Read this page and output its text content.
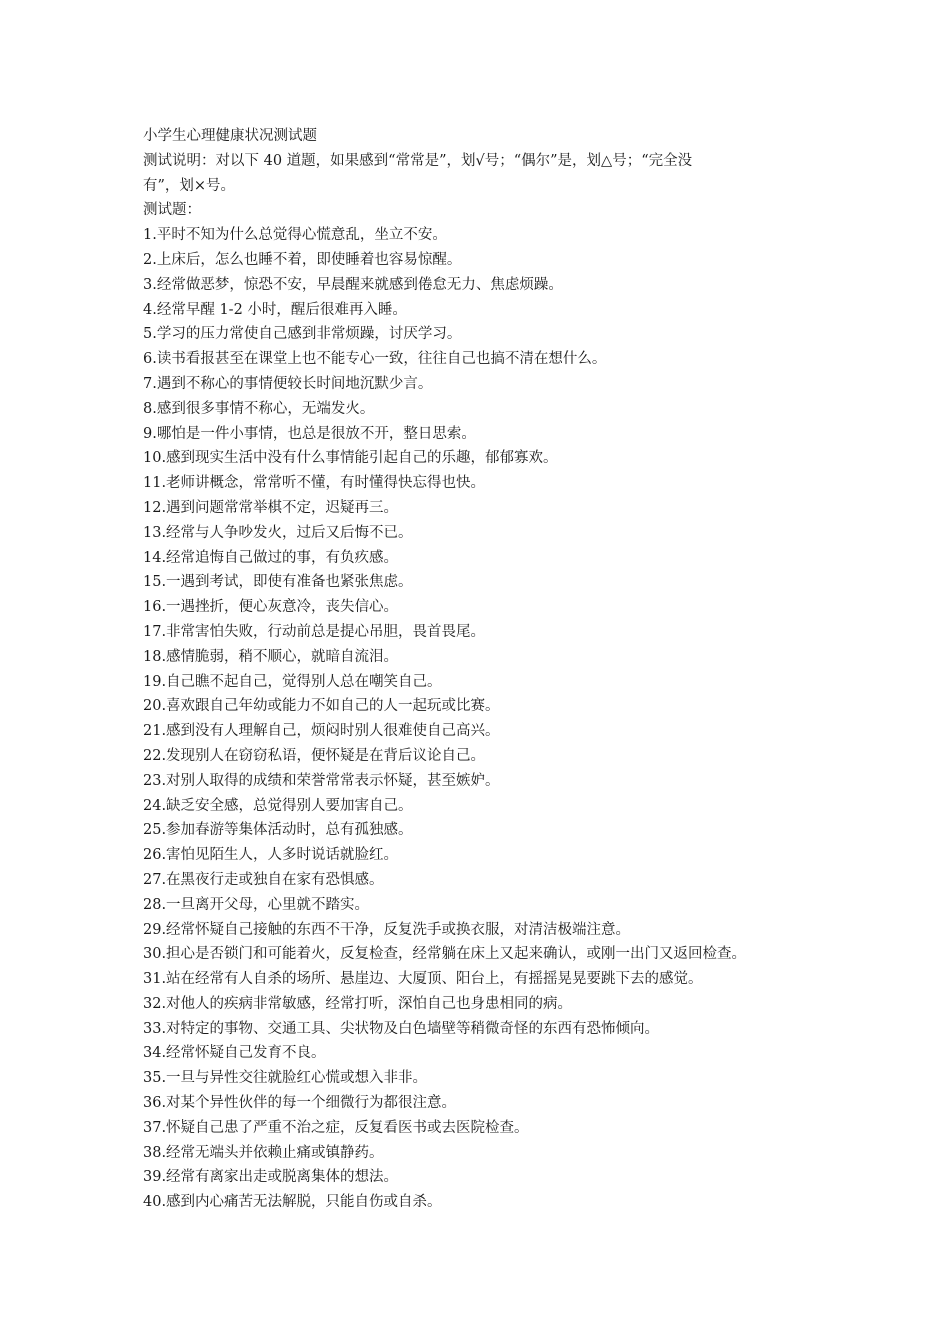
小学生心理健康状况测试题
测试说明：对以下 40 道题，如果感到“常常是”，划√号；“偶尔”是，划△号；“完全没
有”，划×号。
测试题：
1.平时不知为什么总觉得心慌意乱，坐立不安。
2.上床后，怎么也睡不着，即使睡着也容易惊醒。
3.经常做恶梦，惊恐不安，早晨醒来就感到倦怠无力、焦虑烦躁。
4.经常早醒 1-2 小时，醒后很难再入睡。
5.学习的压力常使自己感到非常烦躁，讨厌学习。
6.读书看报甚至在课堂上也不能专心一致，往往自己也搞不清在想什么。
7.遇到不称心的事情便较长时间地沉默少言。
8.感到很多事情不称心，无端发火。
9.哪怕是一件小事情，也总是很放不开，整日思索。
10.感到现实生活中没有什么事情能引起自己的乐趣，郁郁寡欢。
11.老师讲概念，常常听不懂，有时懂得快忘得也快。
12.遇到问题常常举棋不定，迟疑再三。
13.经常与人争吵发火，过后又后悔不已。
14.经常追悔自己做过的事，有负疚感。
15.一遇到考试，即使有准备也紧张焦虑。
16.一遇挫折，便心灰意冷，丧失信心。
17.非常害怕失败，行动前总是提心吊胆，畏首畏尾。
18.感情脆弱，稍不顺心，就暗自流泪。
19.自己瞧不起自己，觉得别人总在嘲笑自己。
20.喜欢跟自己年幼或能力不如自己的人一起玩或比赛。
21.感到没有人理解自己，烦闷时别人很难使自己高兴。
22.发现别人在窃窃私语，便怀疑是在背后议论自己。
23.对别人取得的成绩和荣誉常常表示怀疑，甚至嫉妒。
24.缺乏安全感，总觉得别人要加害自己。
25.参加春游等集体活动时，总有孤独感。
26.害怕见陌生人，人多时说话就脸红。
27.在黑夜行走或独自在家有恐惧感。
28.一旦离开父母，心里就不踏实。
29.经常怀疑自己接触的东西不干净，反复洗手或换衣服，对清洁极端注意。
30.担心是否锁门和可能着火，反复检查，经常躺在床上又起来确认，或刚一出门又返回检查。
31.站在经常有人自杀的场所、悬崖边、大厦顶、阳台上，有摇摇晃晃要跳下去的感觉。
32.对他人的疾病非常敏感，经常打听，深怕自己也身患相同的病。
33.对特定的事物、交通工具、尖状物及白色墙壁等稍微奇怪的东西有恐怖倾向。
34.经常怀疑自己发育不良。
35.一旦与异性交往就脸红心慌或想入非非。
36.对某个异性伙伴的每一个细微行为都很注意。
37.怀疑自己患了严重不治之症，反复看医书或去医院检查。
38.经常无端头并依赖止痛或镇静药。
39.经常有离家出走或脱离集体的想法。
40.感到内心痛苦无法解脱，只能自伤或自杀。
